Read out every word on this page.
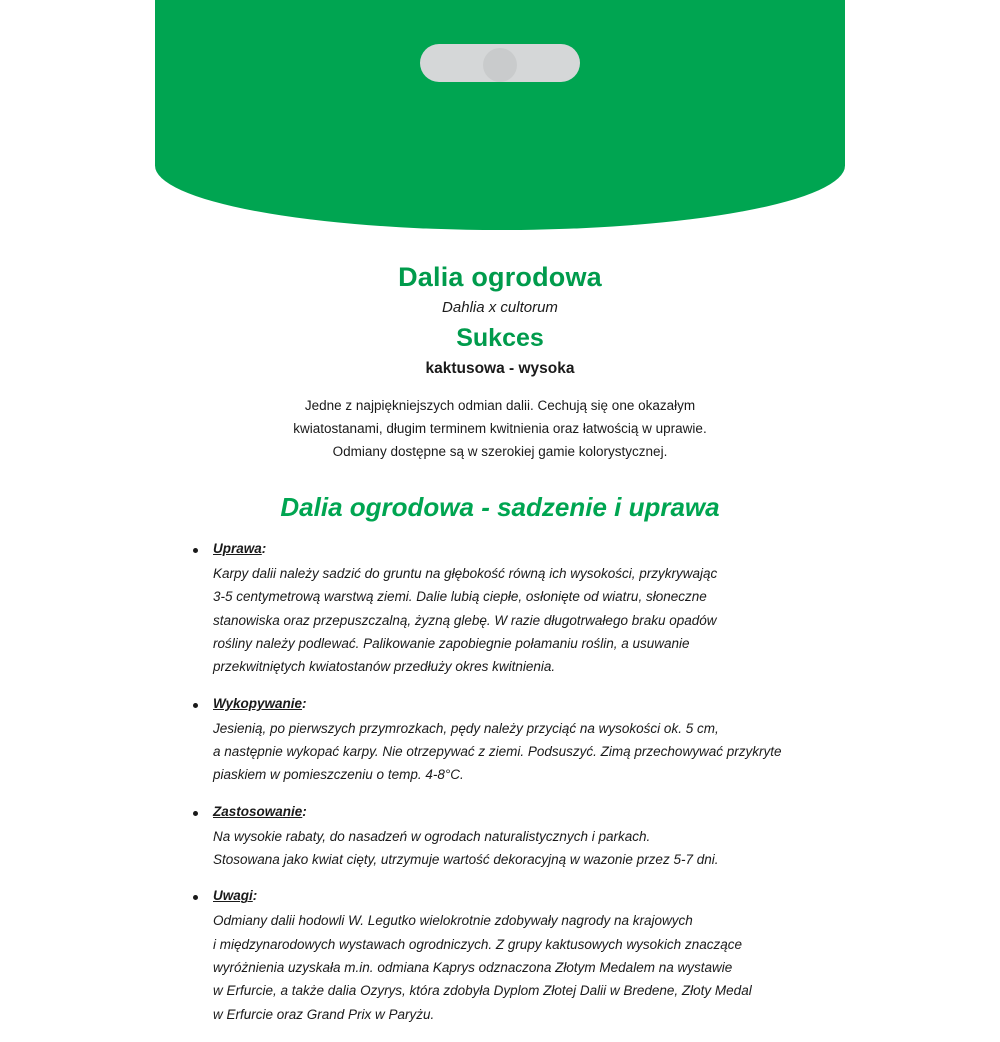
Dalia ogrodowa
Dahlia x cultorum
Sukces
kaktusowa - wysoka
Jedne z najpiękniejszych odmian dalii. Cechują się one okazałym
kwiatostanami, długim terminem kwitnienia oraz łatwością w uprawie.
Odmiany dostępne są w szerokiej gamie kolorystycznej.
Dalia ogrodowa - sadzenie i uprawa
Uprawa:
Karpy dalii należy sadzić do gruntu na głębokość równą ich wysokości, przykrywając
3-5 centymetrową warstwą ziemi. Dalie lubią ciepłe, osłonięte od wiatru, słoneczne
stanowiska oraz przepuszczalną, żyzną glebę. W razie długotrwałego braku opadów
rośliny należy podlewać. Palikowanie zapobiegnie połamaniu roślin, a usuwanie
przekwitniętych kwiatostanów przedłuży okres kwitnienia.
Wykopywanie:
Jesienią, po pierwszych przymrozkach, pędy należy przyciąć na wysokości ok. 5 cm,
a następnie wykopać karpy. Nie otrzepywać z ziemi. Podsuszyć. Zimą przechowywać przykryte
piaskiem w pomieszczeniu o temp. 4-8°C.
Zastosowanie:
Na wysokie rabaty, do nasadzeń w ogrodach naturalistycznych i parkach.
Stosowana jako kwiat cięty, utrzymuje wartość dekoracyjną w wazonie przez 5-7 dni.
Uwagi:
Odmiany dalii hodowli W. Legutko wielokrotnie zdobywały nagrody na krajowych
i międzynarodowych wystawach ogrodniczych. Z grupy kaktusowych wysokich znaczące
wyróżnienia uzyskała m.in. odmiana Kaprys odznaczona Złotym Medalem na wystawie
w Erfurcie, a także dalia Ozyrys, która zdobyła Dyplom Złotej Dalii w Bredene, Złoty Medal
w Erfurcie oraz Grand Prix w Paryżu.
